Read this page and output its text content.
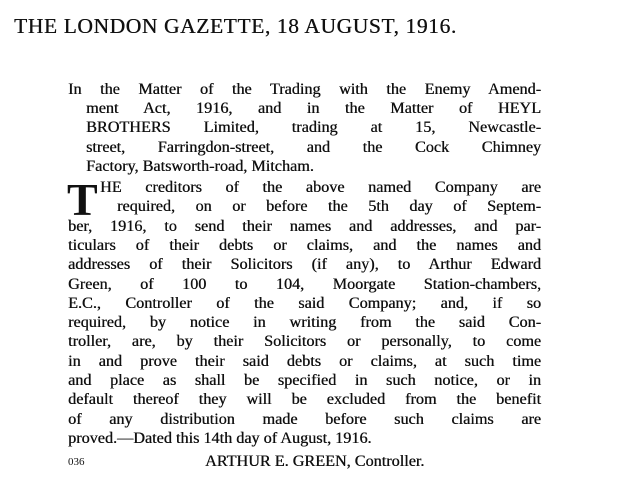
THE LONDON GAZETTE, 18 AUGUST, 1916.
In the Matter of the Trading with the Enemy Amend-
ment Act, 1916, and in the Matter of HEYL
BROTHERS Limited, trading at 15, Newcastle-
street, Farringdon-street, and the Cock Chimney
Factory, Batsworth-road, Mitcham.
T HE creditors of the above named Company are
required, on or before the 5th day of Septem-
ber, 1916, to send their names and addresses, and par-
ticulars of their debts or claims, and the names and
addresses of their Solicitors (if any), to Arthur Edward
Green, of 100 to 104, Moorgate Station-chambers,
E.C., Controller of the said Company; and, if so
required, by notice in writing from the said Con-
troller, are, by their Solicitors or personally, to come
in and prove their said debts or claims, at such time
and place as shall be specified in such notice, or in
default thereof they will be excluded from the benefit
of any distribution made before such claims are
proved.—Dated this 14th day of August, 1916.
036	ARTHUR E. GREEN, Controller.
